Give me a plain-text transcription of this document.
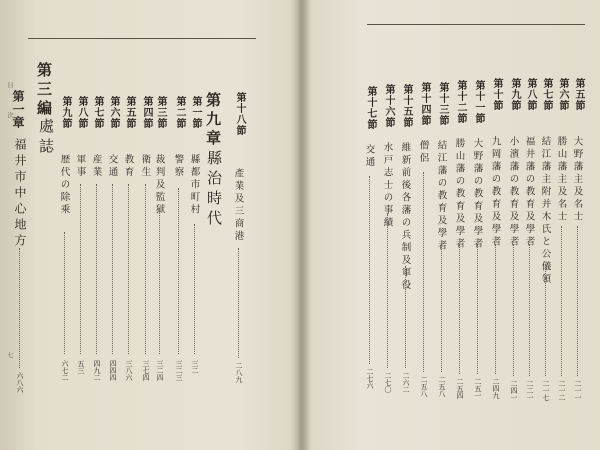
目
次
七
第三編
處誌
第一章
福井市中心地方
六八六
第十八節
產業及三商港
二八九
第九章
縣治時代
第一節
縣都市町村
三二
第二節
警察
三二三
第三節
裁判及監獄
三二四
第四節
衛生
三七四
第五節
教育
三八六
第六節
交通
四四四
第七節
産業
四九二
第八節
軍事
五三
第九節
歴代の除乘
六七二
第五節
大野藩主及名士
二一一
第六節
勝山藩主及名士
二一二
第七節
結江藩主附并木氏と公儀領
二一七
第八節
福井藩の教育及學者
二二一
第九節
小濱藩の教育及學者
二四一
第十節
九岡藩の教育及學者
二四九
第十一節
大野藩の教育及學者
二五一
第十二節
勝山藩の教育及學者
二五四
第十三節
結江藩の教育及學者
二五八
第十四節
僧侶
二五八
第十五節
維新前後各藩の兵制及軍役
二六二
第十六節
水戸志士の事績
二七〇
第十七節
交通
二七六
